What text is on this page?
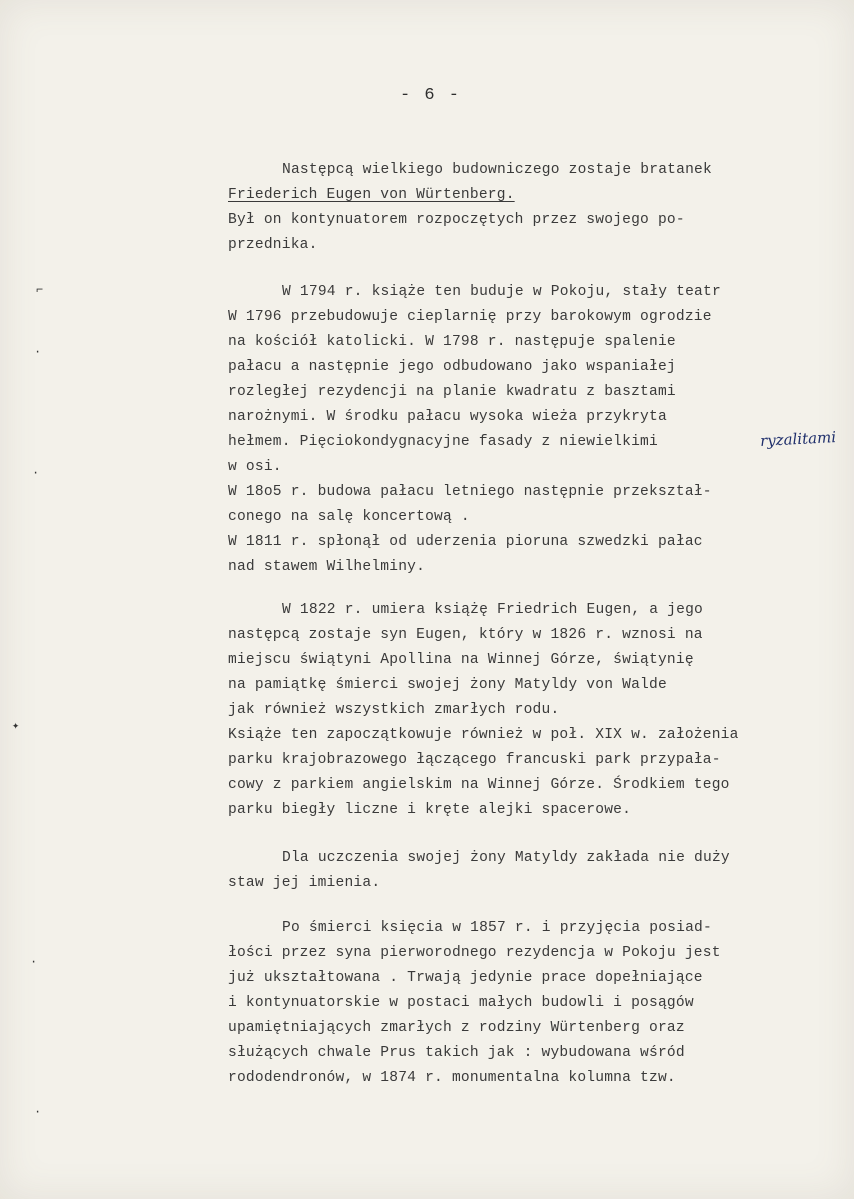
- 6 -
Następcą wielkiego budowniczego zostaje bratanek
Friederich Eugen von Würtenberg.
Był on kontynuatorem rozpoczętych przez swojego po-
przednika.
W 1794 r. książe ten buduje w Pokoju, stały teatr
W 1796 przebudowuje cieplarnię przy barokowym ogrodzie
na kościół katolicki. W 1798 r. następuje spalenie
pałacu a następnie jego odbudowano jako wspaniałej
rozległej rezydencji na planie kwadratu z basztami
narożnymi. W środku pałacu wysoka wieża przykryta
hełmem. Pięciokondygnacyjne fasady z niewielkimi
w osi.
W 18o5 r. budowa pałacu letniego następnie przekształ-
conego na salę koncertową .
W 1811 r. spłonął od uderzenia pioruna szwedzki pałac
nad stawem Wilhelminy.
ryzalitami
W 1822 r. umiera książę Friedrich Eugen, a jego
następcą zostaje syn Eugen, który w 1826 r. wznosi na
miejscu świątyni Apollina na Winnej Górze, świątynię
na pamiątkę śmierci swojej żony Matyldy von Walde
jak również wszystkich zmarłych rodu.
Książe ten zapoczątkowuje również w poł. XIX w. założenia
parku krajobrazowego łączącego francuski park przypała-
cowy z parkiem angielskim na Winnej Górze. Środkiem tego
parku biegły liczne i kręte alejki spacerowe.
Dla uczczenia swojej żony Matyldy zakłada nie duży
staw jej imienia.
Po śmierci księcia w 1857 r. i przyjęcia posiad-
łości przez syna pierworodnego rezydencja w Pokoju jest
już ukształtowana . Trwają jedynie prace dopełniające
i kontynuatorskie w postaci małych budowli i posągów
upamiętniających zmarłych z rodziny Würtenberg oraz
służących chwale Prus takich jak : wybudowana wśród
rododendronów, w 1874 r. monumentalna kolumna tzw.
⌐
·
·
✦
·
·
